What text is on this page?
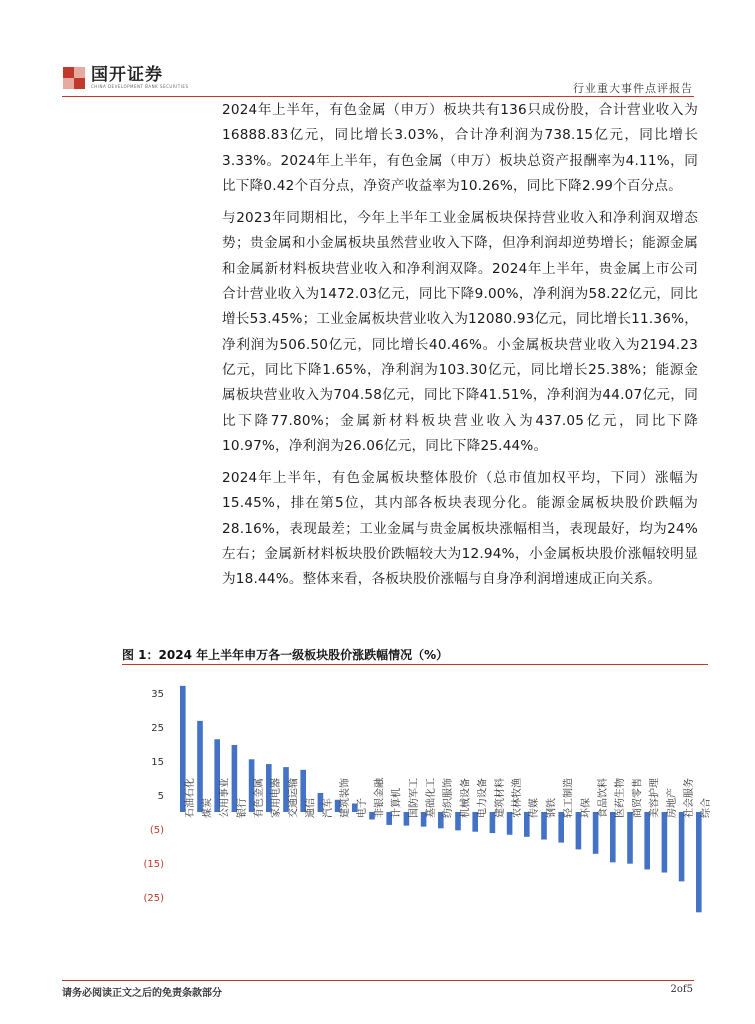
国开证券
CHINA DEVELOPMENT BANK SECURITIES	行业重大事件点评报告

2024年上半年，有色金属（申万）板块共有136只成份股，合计营业收入为16888.83亿元，同比增长3.03%，合计净利润为738.15亿元，同比增长3.33%。2024年上半年，有色金属（申万）板块总资产报酬率为4.11%，同比下降0.42个百分点，净资产收益率为10.26%，同比下降2.99个百分点。

与2023年同期相比，今年上半年工业金属板块保持营业收入和净利润双增态势；贵金属和小金属板块虽然营业收入下降，但净利润却逆势增长；能源金属和金属新材料板块营业收入和净利润双降。2024年上半年，贵金属上市公司合计营业收入为1472.03亿元，同比下降9.00%，净利润为58.22亿元，同比增长53.45%；工业金属板块营业收入为12080.93亿元，同比增长11.36%，净利润为506.50亿元，同比增长40.46%。小金属板块营业收入为2194.23亿元，同比下降1.65%，净利润为103.30亿元，同比增长25.38%；能源金属板块营业收入为704.58亿元，同比下降41.51%，净利润为44.07亿元，同比下降77.80%；金属新材料板块营业收入为437.05亿元，同比下降10.97%，净利润为26.06亿元，同比下降25.44%。

2024年上半年，有色金属板块整体股价（总市值加权平均，下同）涨幅为15.45%，排在第5位，其内部各板块表现分化。能源金属板块股价跌幅为28.16%，表现最差；工业金属与贵金属板块涨幅相当，表现最好，均为24%左右；金属新材料板块股价跌幅较大为12.94%，小金属板块股价涨幅较明显为18.44%。整体来看，各板块股价涨幅与自身净利润增速成正向关系。

图 1：2024 年上半年申万各一级板块股价涨跌幅情况（%）
35
25
15
5
(5)
(15)
(25)
石油石化 煤炭 公用事业 银行 有色金属 家用电器 交通运输 通信 汽车 建筑装饰 电子 非银金融 计算机 国防军工 基础化工 纺织服饰 机械设备 电力设备 建筑材料 农林牧渔 传媒 钢铁 轻工制造 环保 食品饮料 医药生物 商贸零售 美容护理 房地产 社会服务 综合
请务必阅读正文之后的免责条款部分	2of5
